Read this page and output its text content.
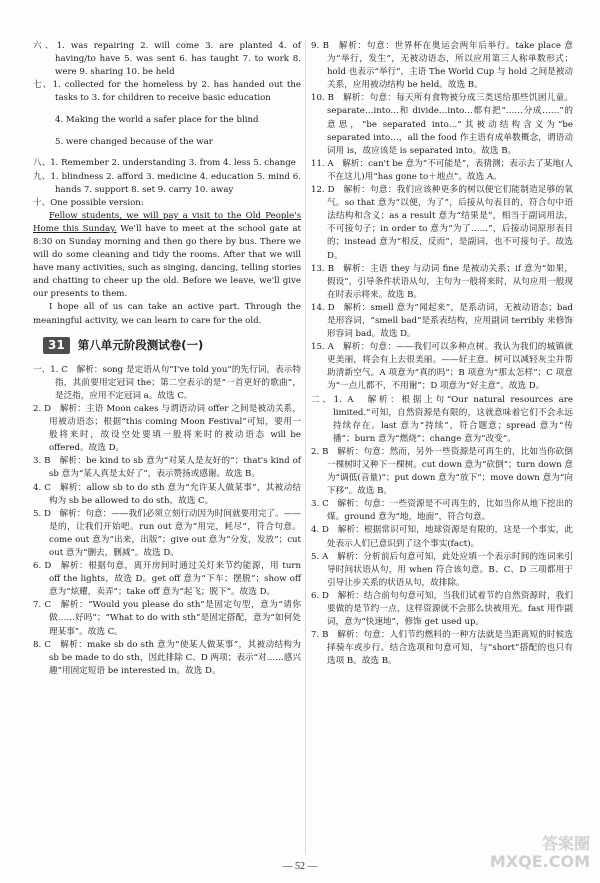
六、1. was repairing 2. will come 3. are planted 4. of having/to have 5. was sent 6. has taught 7. to work 8. were 9. sharing 10. be held

七、1. collected for the homeless by 2. has handed out the tasks to 3. for children to receive basic education

4. Making the world a safer place for the blind

5. were changed because of the war

八、1. Remember 2. understanding 3. from 4. less 5. change

九、1. blindness 2. afford 3. medicine 4. education 5. mind 6. hands 7. support 8. set 9. carry 10. away

十、One possible version:

Fellow students, we will pay a visit to the Old People's Home this Sunday. We'll have to meet at the school gate at 8:30 on Sunday morning and then go there by bus. There we will do some cleaning and tidy the rooms. After that we will have many activities, such as singing, dancing, telling stories and chatting to cheer up the old. Before we leave, we'll give our presents to them.

I hope all of us can take an active part. Through the meaningful activity, we can learn to care for the old.

31	第八单元阶段测试卷(一)

一、1. C　解析：song 是定语从句“I've told you”的先行词，表示特指，其前要用定冠词 the；第二空表示的是“一首更好的歌曲”，是泛指，应用不定冠词 a。故选 C。

2. D　解析：主语 Moon cakes 与谓语动词 offer 之间是被动关系，用被动语态；根据“this coming Moon Festival”可知，要用一般将来时，故设空处要填一般将来时的被动语态 will be offered。故选 D。

3. B　解析：be kind to sb 意为“对某人是友好的”；that's kind of sb 意为“某人真是太好了”，表示赞扬或感谢。故选 B。

4. C　解析：allow sb to do sth 意为“允许某人做某事”，其被动结构为 sb be allowed to do sth。故选 C。

5. D　解析：句意：——我们必须立刻行动因为时间就要用完了。——是的，让我们开始吧。run out 意为“用完，耗尽”，符合句意。come out 意为“出来，出版”；give out 意为“分发，发放”；cut out 意为“删去，删减”。故选 D。

6. D　解析：根据句意，离开房间时通过关灯来节约能源，用 turn off the lights，故选 D。get off 意为“下车；摆脱”；show off 意为“炫耀，卖弄”；take off 意为“起飞；脱下”。故选 D。

7. C　解析：“Would you please do sth”是固定句型，意为“请你做……好吗”；“What to do with sth”是固定搭配，意为“如何处理某事”。故选 C。

8. C　解析：make sb do sth 意为“使某人做某事”，其被动结构为 sb be made to do sth，因此排除 C、D 两项；表示“对……感兴趣”用固定短语 be interested in。故选 D。

9. B　解析：句意：世界杯在奥运会两年后举行。take place 意为“举行，发生”，无被动语态，所以应用第三人称单数形式；hold 也表示“举行”，主语 The World Cup 与 hold 之间是被动关系，应用被动结构 be held。故选 B。

10. B　解析：句意：每天所有食物被分成三类送给那些饥困儿童。separate…into…和 divide…into…都有把“……分成……”的意思，“be separated into…”其被动结构含义为“be separated into…，all the food 作主语有成单数概念，谓语动词用 is，故应该是 is separated into。故选 B。

11. A　解析：can't be 意为“不可能是”，表猜测；表示去了某地(人不在这儿)用“has gone to＋地点”。故选 A。

12. D　解析：句意：我们应该种更多的树以便它们能制造足够的氧气。so that 意为“以便，为了”，后接从句表目的，符合句中语法结构和含义；as a result 意为“结果是”，相当于副词用法，不可接句子；in order to 意为“为了……”，后接动词原形表目的；instead 意为“相反，反而”，是副词，也不可接句子。故选 D。

13. B　解析：主语 they 与动词 fine 是被动关系；if 意为“如果，假设”，引导条件状语从句，主句为一般将来时，从句应用一般现在时表示将来。故选 B。

14. D　解析：smell 意为“闻起来”，是系动词，无被动语态；bad 是形容词，“smell bad”是系表结构，应用副词 terribly 来修饰形容词 bad。故选 D。

15. A　解析：句意：——我们可以多种点树。我认为我们的城镇就更美丽，将会有上去很美丽。——好主意。树可以减轻灰尘并帮助清新空气。A 项意为“真的吗”；B 项意为“那太怎样”；C 项意为“一点儿都不，不用谢”；D 项意为“好主意”。故选 D。

二、1. A　解析：根据上句“Our natural resources are limited.”可知，自然资源是有限的，这就意味着它们不会永远持续存在。last 意为“持续”，符合题意；spread 意为“传播”；burn 意为“燃烧”；change 意为“改变”。

2. B　解析：句意：然而，另外一些资源是可再生的，比如当你砍倒一棵树时又种下一棵树。cut down 意为“砍倒”；turn down 意为“调低(音量)”；put down 意为“放下”；move down 意为“向下移”。故选 B。

3. C　解析：句意：一些资源是不可再生的，比如当你从地下挖出的煤。ground 意为“地，地面”，符合句意。

4. D　解析：根据常识可知，地球资源是有限的，这是一个事实，此处表示人们已意识到了这个事实(fact)。

5. A　解析：分析前后句意可知，此处应填一个表示时间的连词来引导时间状语从句，用 when 符合该句意。B、C、D 三项都用于引导让步关系的状语从句，故排除。

6. D　解析：结合前句句意可知，当我们试着节约自然资源时，我们要做的是节约一点，这样资源就不会那么快被用光。fast 用作副词，意为“快速地”，修饰 get used up。

7. B　解析：句意：人们节约燃料的一种方法就是当距离短的时候选择骑车或步行。结合选项和句意可知，与“short”搭配的也只有选项 B。故选 B。

— 52 —
答案圈 MXQE.COM
